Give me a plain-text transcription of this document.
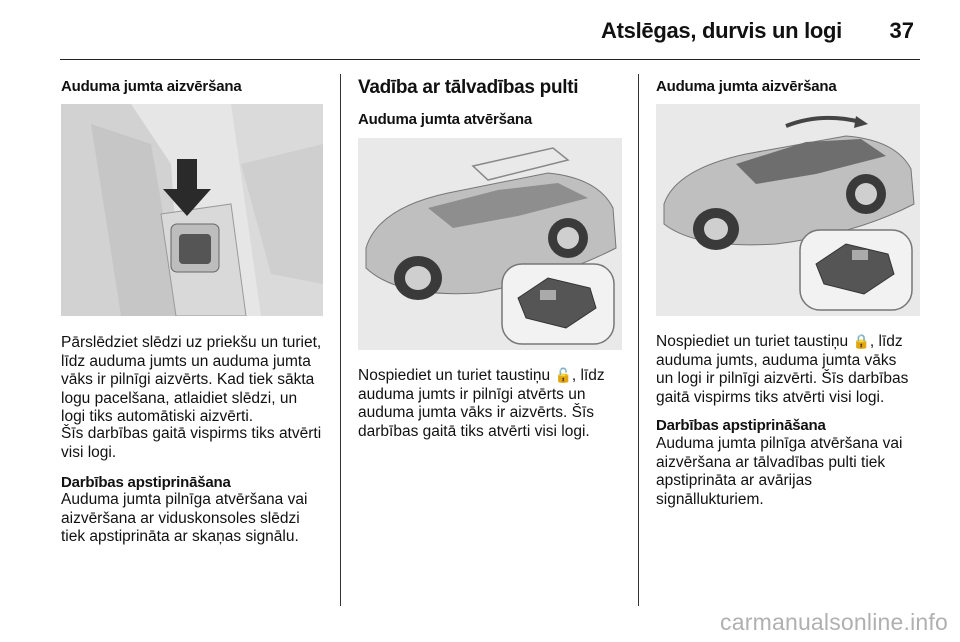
Atslēgas, durvis un logi 37
Auduma jumta aizvēršana
Pārslēdziet slēdzi uz priekšu un turiet,
līdz auduma jumts un auduma jumta
vāks ir pilnīgi aizvērts. Kad tiek sākta
logu pacelšana, atlaidiet slēdzi, un
logi tiks automātiski aizvērti.
Šīs darbības gaitā vispirms tiks atvērti
visi logi.
Darbības apstiprināšana
Auduma jumta pilnīga atvēršana vai
aizvēršana ar viduskonsoles slēdzi
tiek apstiprināta ar skaņas signālu.
Vadība ar tālvadības pulti
Auduma jumta atvēršana
Nospiediet un turiet taustiņu 🔓, līdz
auduma jumts ir pilnīgi atvērts un
auduma jumta vāks ir aizvērts. Šīs
darbības gaitā tiks atvērti visi logi.
Auduma jumta aizvēršana
Nospiediet un turiet taustiņu 🔒, līdz
auduma jumts, auduma jumta vāks
un logi ir pilnīgi aizvērti. Šīs darbības
gaitā vispirms tiks atvērti visi logi.
Darbības apstiprināšana
Auduma jumta pilnīga atvēršana vai
aizvēršana ar tālvadības pulti tiek
apstiprināta ar avārijas
signāllukturiem.
carmanualsonline.info
